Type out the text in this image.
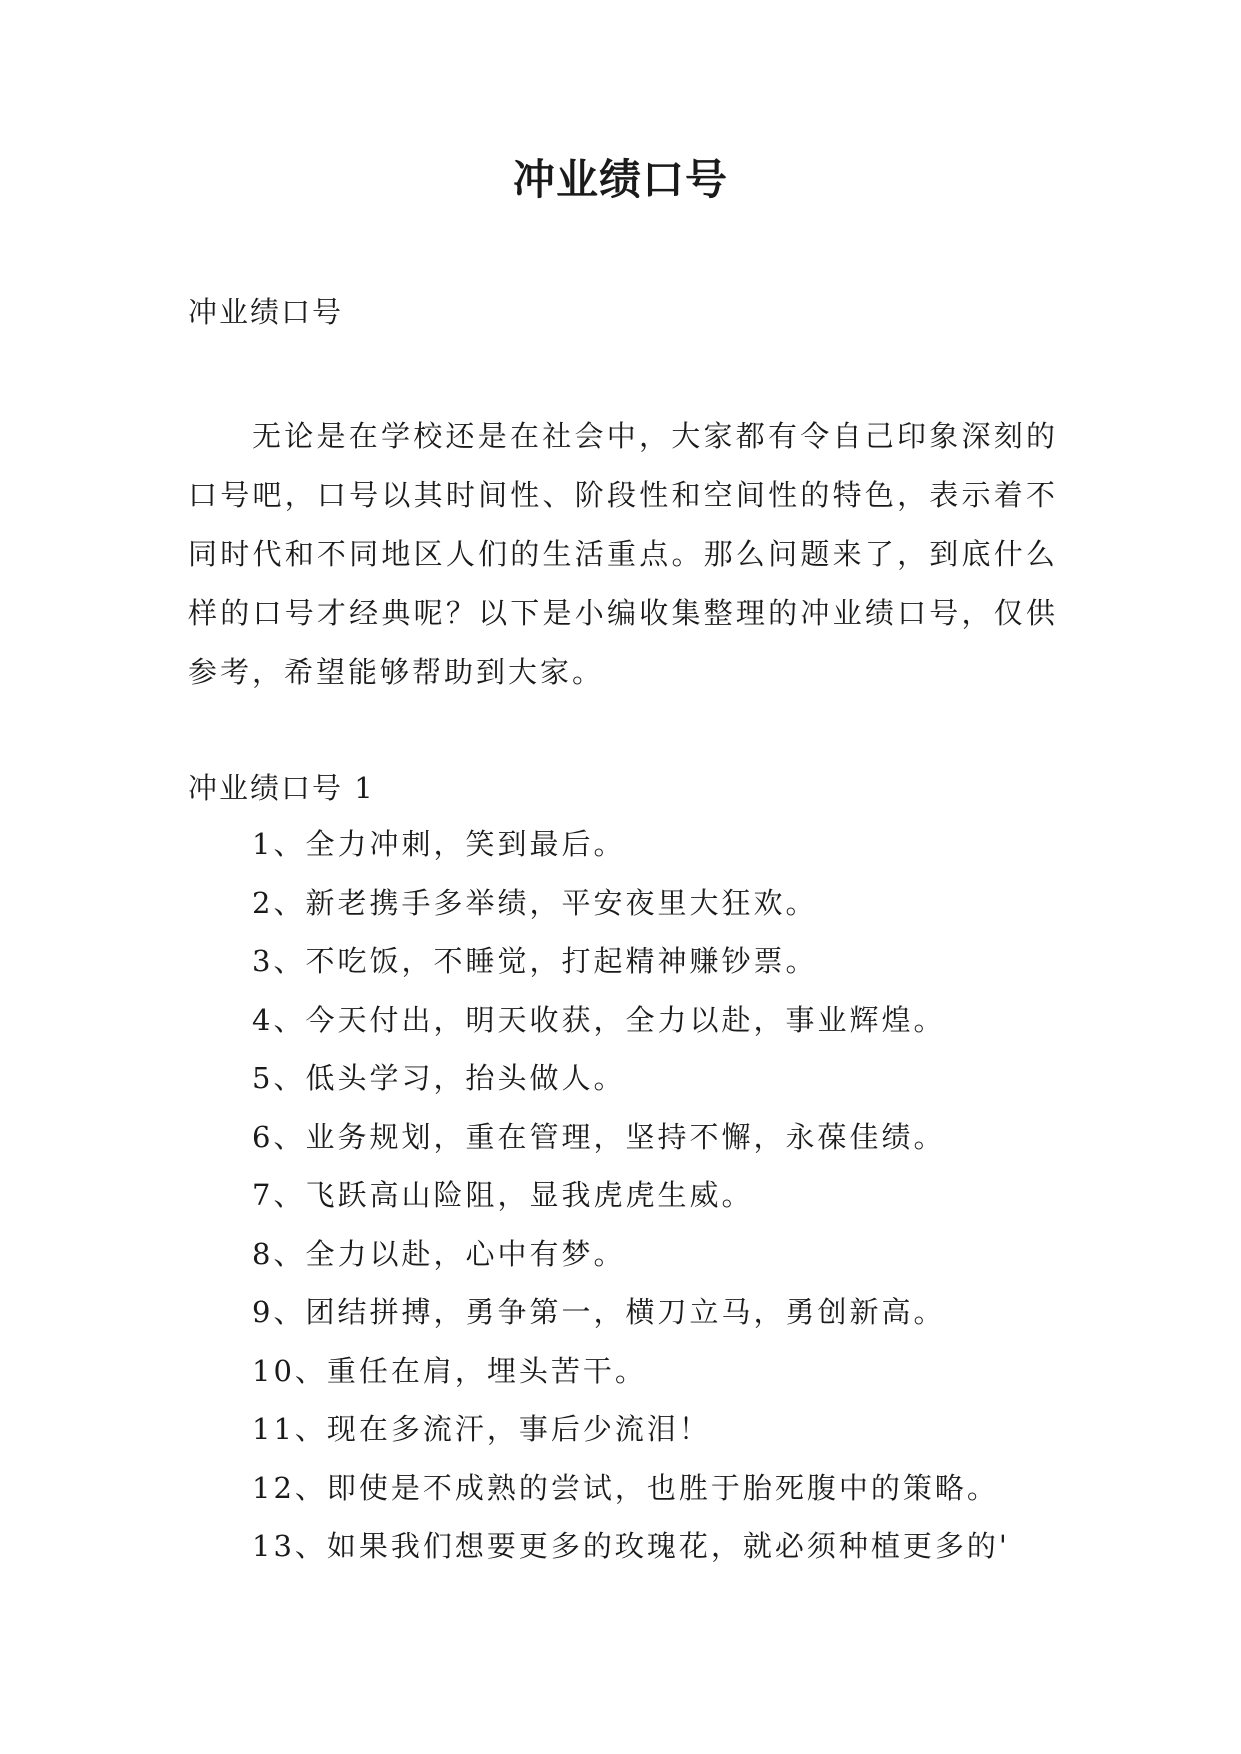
冲业绩口号
冲业绩口号

无论是在学校还是在社会中，大家都有令自己印象深刻的口号吧，口号以其时间性、阶段性和空间性的特色，表示着不同时代和不同地区人们的生活重点。那么问题来了，到底什么样的口号才经典呢？以下是小编收集整理的冲业绩口号，仅供参考，希望能够帮助到大家。

冲业绩口号 1
1、全力冲刺，笑到最后。
2、新老携手多举绩，平安夜里大狂欢。
3、不吃饭，不睡觉，打起精神赚钞票。
4、今天付出，明天收获，全力以赴，事业辉煌。
5、低头学习，抬头做人。
6、业务规划，重在管理，坚持不懈，永葆佳绩。
7、飞跃高山险阻，显我虎虎生威。
8、全力以赴，心中有梦。
9、团结拼搏，勇争第一，横刀立马，勇创新高。
10、重任在肩，埋头苦干。
11、现在多流汗，事后少流泪！
12、即使是不成熟的尝试，也胜于胎死腹中的策略。
13、如果我们想要更多的玫瑰花，就必须种植更多的'
